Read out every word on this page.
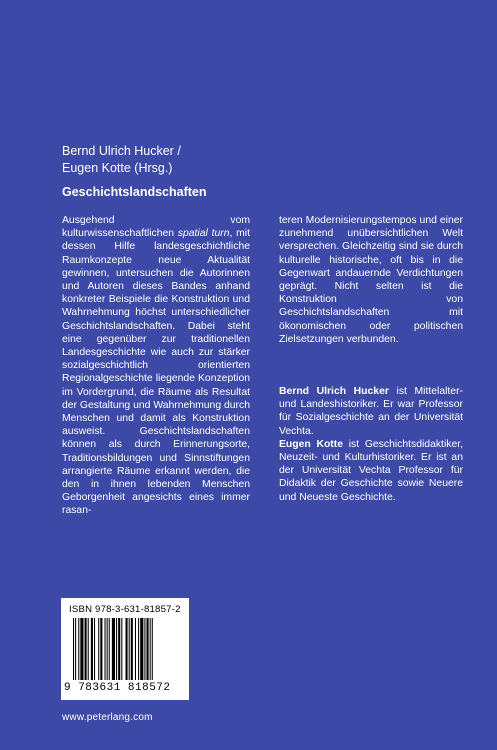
Bernd Ulrich Hucker /
Eugen Kotte (Hrsg.)
Geschichtslandschaften
Ausgehend vom kulturwissenschaftlichen spatial turn, mit dessen Hilfe landesgeschichtliche Raumkonzepte neue Aktualität gewinnen, untersuchen die Autorinnen und Autoren dieses Bandes anhand konkreter Beispiele die Konstruktion und Wahrnehmung höchst unterschiedlicher Geschichtslandschaften. Dabei steht eine gegenüber zur traditionellen Landesgeschichte wie auch zur stärker sozialgeschichtlich orientierten Regionalgeschichte liegende Konzeption im Vordergrund, die Räume als Resultat der Gestaltung und Wahrnehmung durch Menschen und damit als Konstruktion ausweist. Geschichtslandschaften können als durch Erinnerungsorte, Traditionsbildungen und Sinnstiftungen arrangierte Räume erkannt werden, die den in ihnen lebenden Menschen Geborgenheit angesichts eines immer rasan-
teren Modernisierungstempos und einer zunehmend unübersichtlichen Welt versprechen. Gleichzeitig sind sie durch kulturelle historische, oft bis in die Gegenwart andauernde Verdichtungen geprägt. Nicht selten ist die Konstruktion von Geschichtslandschaften mit ökonomischen oder politischen Zielsetzungen verbunden.
Bernd Ulrich Hucker ist Mittelalter- und Landeshistoriker. Er war Professor für Sozialgeschichte an der Universität Vechta.
Eugen Kotte ist Geschichtsdidaktiker, Neuzeit- und Kulturhistoriker. Er ist an der Universität Vechta Professor für Didaktik der Geschichte sowie Neuere und Neueste Geschichte.
ISBN 978-3-631-81857-2
9 783631 818572
www.peterlang.com
